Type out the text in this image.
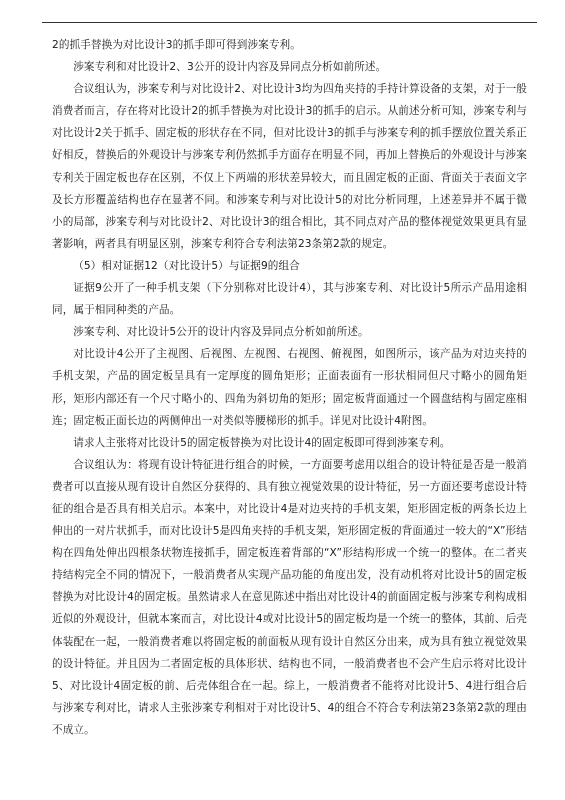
2的抓手替换为对比设计3的抓手即可得到涉案专利。

涉案专利和对比设计2、3公开的设计内容及异同点分析如前所述。

合议组认为，涉案专利与对比设计2、对比设计3均为四角夹持的手持计算设备的支架，对于一般消费者而言，存在将对比设计2的抓手替换为对比设计3的抓手的启示。从前述分析可知，涉案专利与对比设计2关于抓手、固定板的形状存在不同，但对比设计3的抓手与涉案专利的抓手摆放位置关系正好相反，替换后的外观设计与涉案专利仍然抓手方面存在明显不同，再加上替换后的外观设计与涉案专利关于固定板也存在区别，不仅上下两端的形状差异较大，而且固定板的正面、背面关于表面文字及长方形覆盖结构也存在显著不同。和涉案专利与对比设计5的对比分析同理，上述差异并不属于微小的局部，涉案专利与对比设计2、对比设计3的组合相比，其不同点对产品的整体视觉效果更具有显著影响，两者具有明显区别，涉案专利符合专利法第23条第2款的规定。

（5）相对证据12（对比设计5）与证据9的组合

证据9公开了一种手机支架（下分别称对比设计4），其与涉案专利、对比设计5所示产品用途相同，属于相同种类的产品。

涉案专利、对比设计5公开的设计内容及异同点分析如前所述。

对比设计4公开了主视图、后视图、左视图、右视图、俯视图，如图所示，该产品为对边夹持的手机支架，产品的固定板呈具有一定厚度的圆角矩形；正面表面有一形状相同但尺寸略小的圆角矩形，矩形内部还有一个尺寸略小的、四角为斜切角的矩形；固定板背面通过一个圆盘结构与固定座相连；固定板正面长边的两侧伸出一对类似等腰梯形的抓手。详见对比设计4附图。

请求人主张将对比设计5的固定板替换为对比设计4的固定板即可得到涉案专利。

合议组认为：将现有设计特征进行组合的时候，一方面要考虑用以组合的设计特征是否是一般消费者可以直接从现有设计自然区分获得的、具有独立视觉效果的设计特征，另一方面还要考虑设计特征的组合是否具有相关启示。本案中，对比设计4是对边夹持的手机支架，矩形固定板的两条长边上伸出的一对片状抓手，而对比设计5是四角夹持的手机支架，矩形固定板的背面通过一较大的“X”形结构在四角处伸出四根条状物连接抓手，固定板连着背部的“X”形结构形成一个统一的整体。在二者夹持结构完全不同的情况下，一般消费者从实现产品功能的角度出发，没有动机将对比设计5的固定板替换为对比设计4的固定板。虽然请求人在意见陈述中指出对比设计4的前面固定板与涉案专利构成相近似的外观设计，但就本案而言，对比设计4或对比设计5的固定板均是一个统一的整体，其前、后壳体装配在一起，一般消费者难以将固定板的前面板从现有设计自然区分出来，成为具有独立视觉效果的设计特征。并且因为二者固定板的具体形状、结构也不同，一般消费者也不会产生启示将对比设计5、对比设计4固定板的前、后壳体组合在一起。综上，一般消费者不能将对比设计5、4进行组合后与涉案专利对比，请求人主张涉案专利相对于对比设计5、4的组合不符合专利法第23条第2款的理由不成立。
